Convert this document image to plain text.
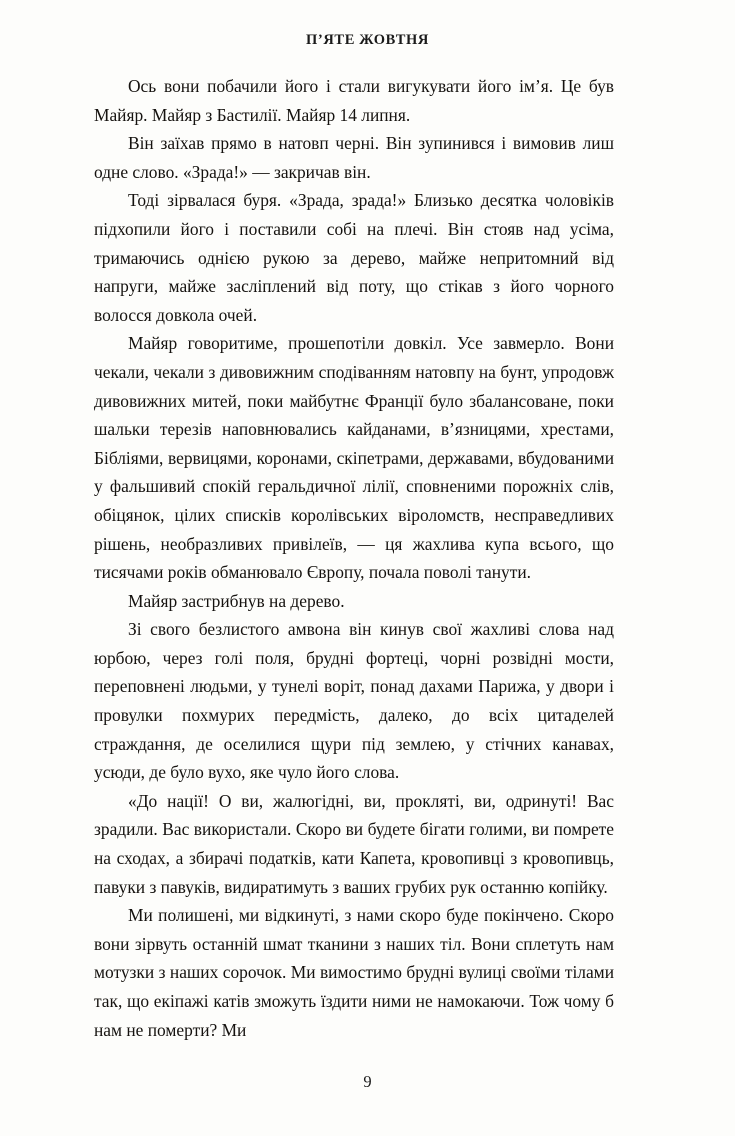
П’ЯТЕ ЖОВТНЯ

Ось вони побачили його і стали вигукувати його ім’я. Це був Майяр. Майяр з Бастилії. Майяр 14 липня.

Він заїхав прямо в натовп черні. Він зупинився і вимовив лиш одне слово. «Зрада!» — закричав він.

Тоді зірвалася буря. «Зрада, зрада!» Близько десятка чоловіків підхопили його і поставили собі на плечі. Він стояв над усіма, тримаючись однією рукою за дерево, майже непритомний від напруги, майже засліплений від поту, що стікав з його чорного волосся довкола очей.

Майяр говоритиме, прошепотіли довкіл. Усе завмерло. Вони чекали, чекали з дивовижним сподіванням натовпу на бунт, упродовж дивовижних митей, поки майбутнє Франції було збалансоване, поки шальки терезів наповнювались кайданами, в’язницями, хрестами, Бібліями, вервицями, коронами, скіпетрами, державами, вбудованими у фальшивий спокій геральдичної лілії, сповненими порожніх слів, обіцянок, цілих списків королівських віроломств, несправедливих рішень, необразливих привілеїв, — ця жахлива купа всього, що тисячами років обманювало Європу, почала поволі танути.

Майяр застрибнув на дерево.

Зі свого безлистого амвона він кинув свої жахливі слова над юрбою, через голі поля, брудні фортеці, чорні розвідні мости, переповнені людьми, у тунелі воріт, понад дахами Парижа, у двори і провулки похмурих передмість, далеко, до всіх цитаделей страждання, де оселилися щури під землею, у стічних канавах, усюди, де було вухо, яке чуло його слова.

«До нації! О ви, жалюгідні, ви, прокляті, ви, одринуті! Вас зрадили. Вас використали. Скоро ви будете бігати голими, ви помрете на сходах, а збирачі податків, кати Капета, кровопивці з кровопивць, павуки з павуків, видиратимуть з ваших грубих рук останню копійку.

Ми полишені, ми відкинуті, з нами скоро буде покінчено. Скоро вони зірвуть останній шмат тканини з наших тіл. Вони сплетуть нам мотузки з наших сорочок. Ми вимостимо брудні вулиці своїми тілами так, що екіпажі катів зможуть їздити ними не намокаючи. Тож чому б нам не померти? Ми

9
